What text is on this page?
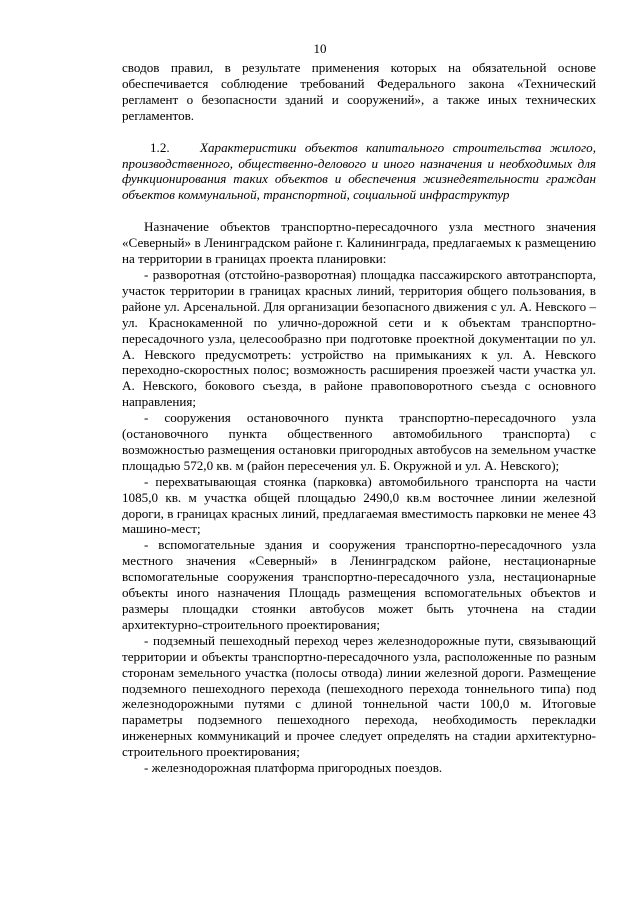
10

сводов правил, в результате применения которых на обязательной основе обеспечивается соблюдение требований Федерального закона «Технический регламент о безопасности зданий и сооружений», а также иных технических регламентов.

1.2. Характеристики объектов капитального строительства жилого, производственного, общественно-делового и иного назначения и необходимых для функционирования таких объектов и обеспечения жизнедеятельности граждан объектов коммунальной, транспортной, социальной инфраструктур

Назначение объектов транспортно-пересадочного узла местного значения «Северный» в Ленинградском районе г. Калининграда, предлагаемых к размещению на территории в границах проекта планировки:

- разворотная (отстойно-разворотная) площадка пассажирского автотранспорта, участок территории в границах красных линий, территория общего пользования, в районе ул. Арсенальной. Для организации безопасного движения с ул. А. Невского – ул. Краснокаменной по улично-дорожной сети и к объектам транспортно-пересадочного узла, целесообразно при подготовке проектной документации по ул. А. Невского предусмотреть: устройство на примыканиях к ул. А. Невского переходно-скоростных полос; возможность расширения проезжей части участка ул. А. Невского, бокового съезда, в районе правоповоротного съезда с основного направления;

- сооружения остановочного пункта транспортно-пересадочного узла (остановочного пункта общественного автомобильного транспорта) с возможностью размещения остановки пригородных автобусов на земельном участке площадью 572,0 кв. м (район пересечения ул. Б. Окружной и ул. А. Невского);

- перехватывающая стоянка (парковка) автомобильного транспорта на части 1085,0 кв. м участка общей площадью 2490,0 кв.м восточнее линии железной дороги, в границах красных линий, предлагаемая вместимость парковки не менее 43 машино-мест;

- вспомогательные здания и сооружения транспортно-пересадочного узла местного значения «Северный» в Ленинградском районе, нестационарные вспомогательные сооружения транспортно-пересадочного узла, нестационарные объекты иного назначения Площадь размещения вспомогательных объектов и размеры площадки стоянки автобусов может быть уточнена на стадии архитектурно-строительного проектирования;

- подземный пешеходный переход через железнодорожные пути, связывающий территории и объекты транспортно-пересадочного узла, расположенные по разным сторонам земельного участка (полосы отвода) линии железной дороги. Размещение подземного пешеходного перехода (пешеходного перехода тоннельного типа) под железнодорожными путями с длиной тоннельной части 100,0 м. Итоговые параметры подземного пешеходного перехода, необходимость перекладки инженерных коммуникаций и прочее следует определять на стадии архитектурно-строительного проектирования;

- железнодорожная платформа пригородных поездов.
